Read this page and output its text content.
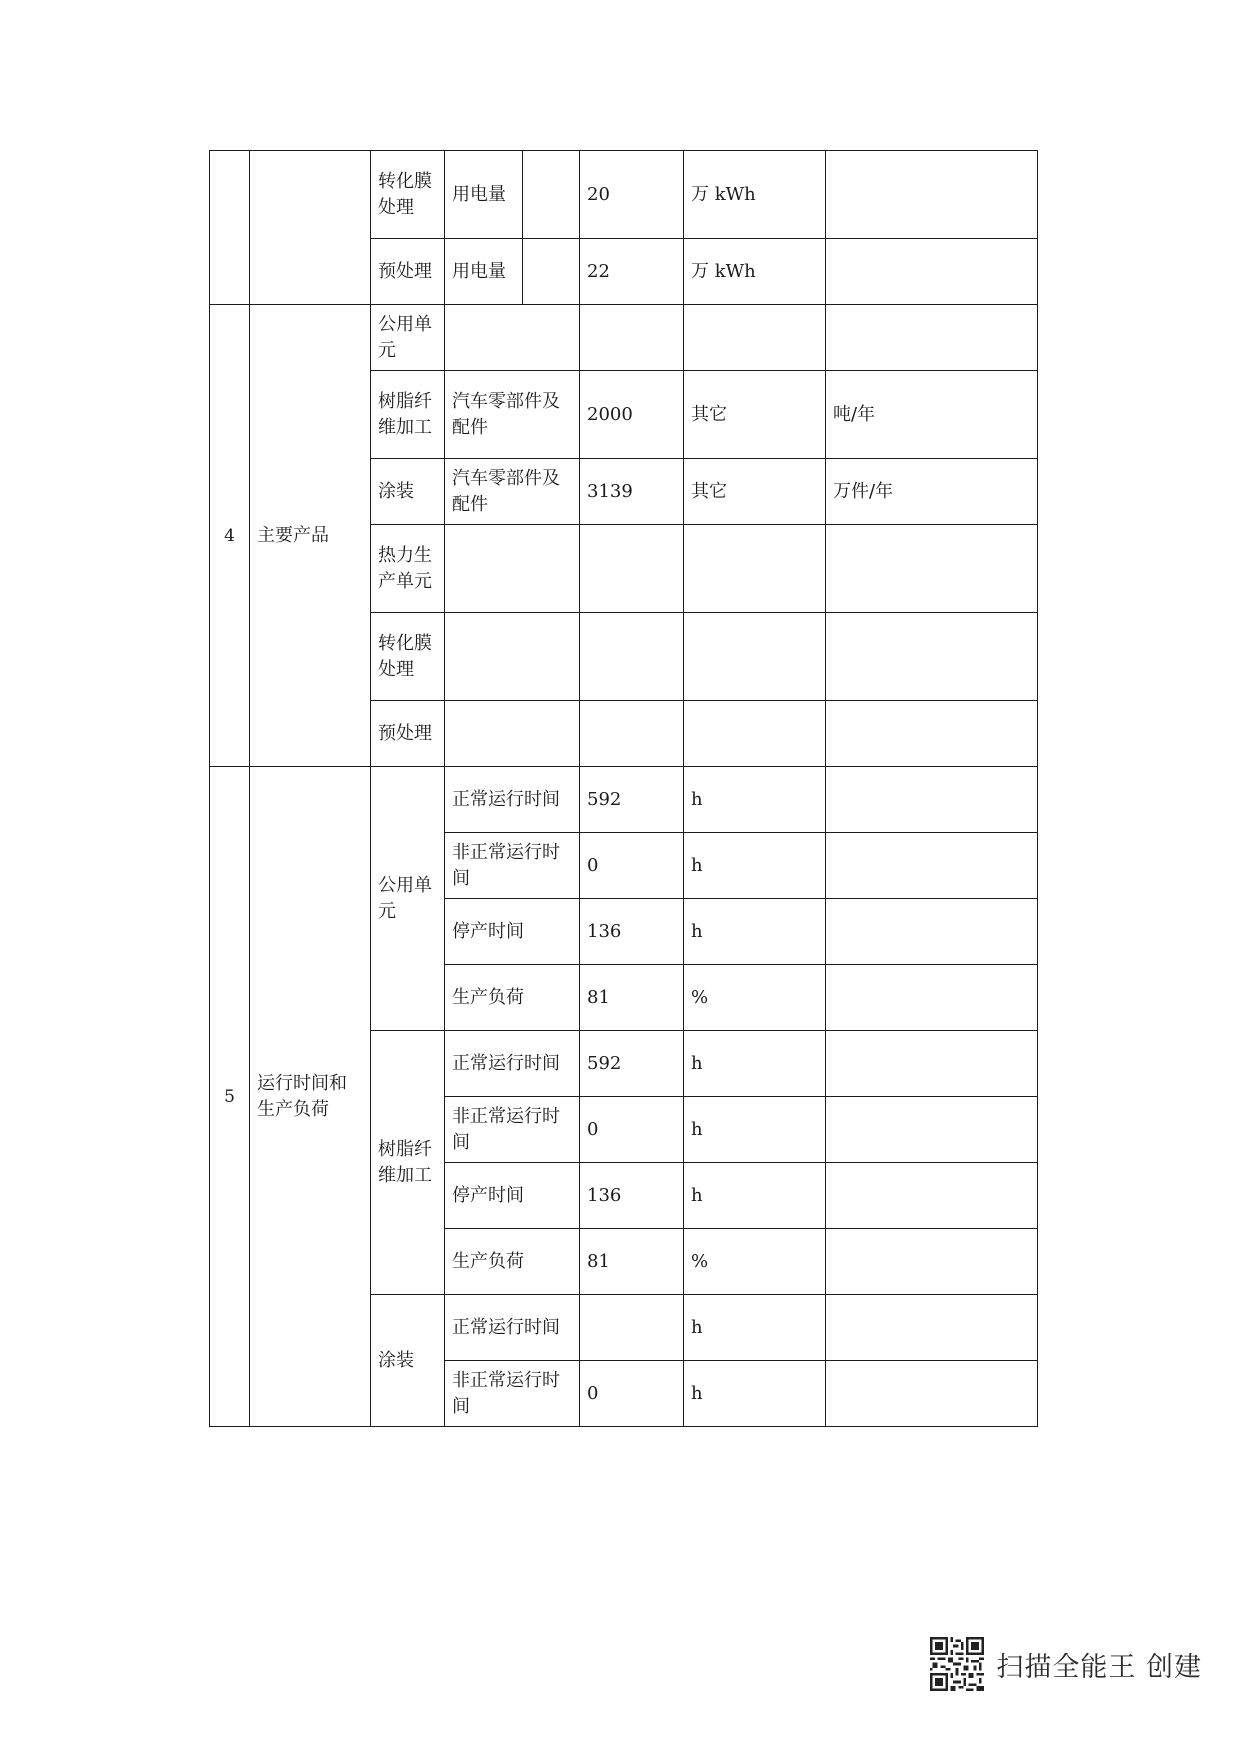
		转化膜处理	用电量		20	万 kWh	
		预处理	用电量		22	万 kWh	
4	主要产品	公用单元					
		树脂纤维加工	汽车零部件及配件		2000	其它	吨/年
		涂装	汽车零部件及配件		3139	其它	万件/年
		热力生产单元					
		转化膜处理					
		预处理					
5	运行时间和生产负荷	公用单元	正常运行时间		592	h	
			非正常运行时间		0	h	
			停产时间		136	h	
			生产负荷		81	%	
		树脂纤维加工	正常运行时间		592	h	
			非正常运行时间		0	h	
			停产时间		136	h	
			生产负荷		81	%	
		涂装	正常运行时间			h	
			非正常运行时间		0	h	
扫描全能王 创建
